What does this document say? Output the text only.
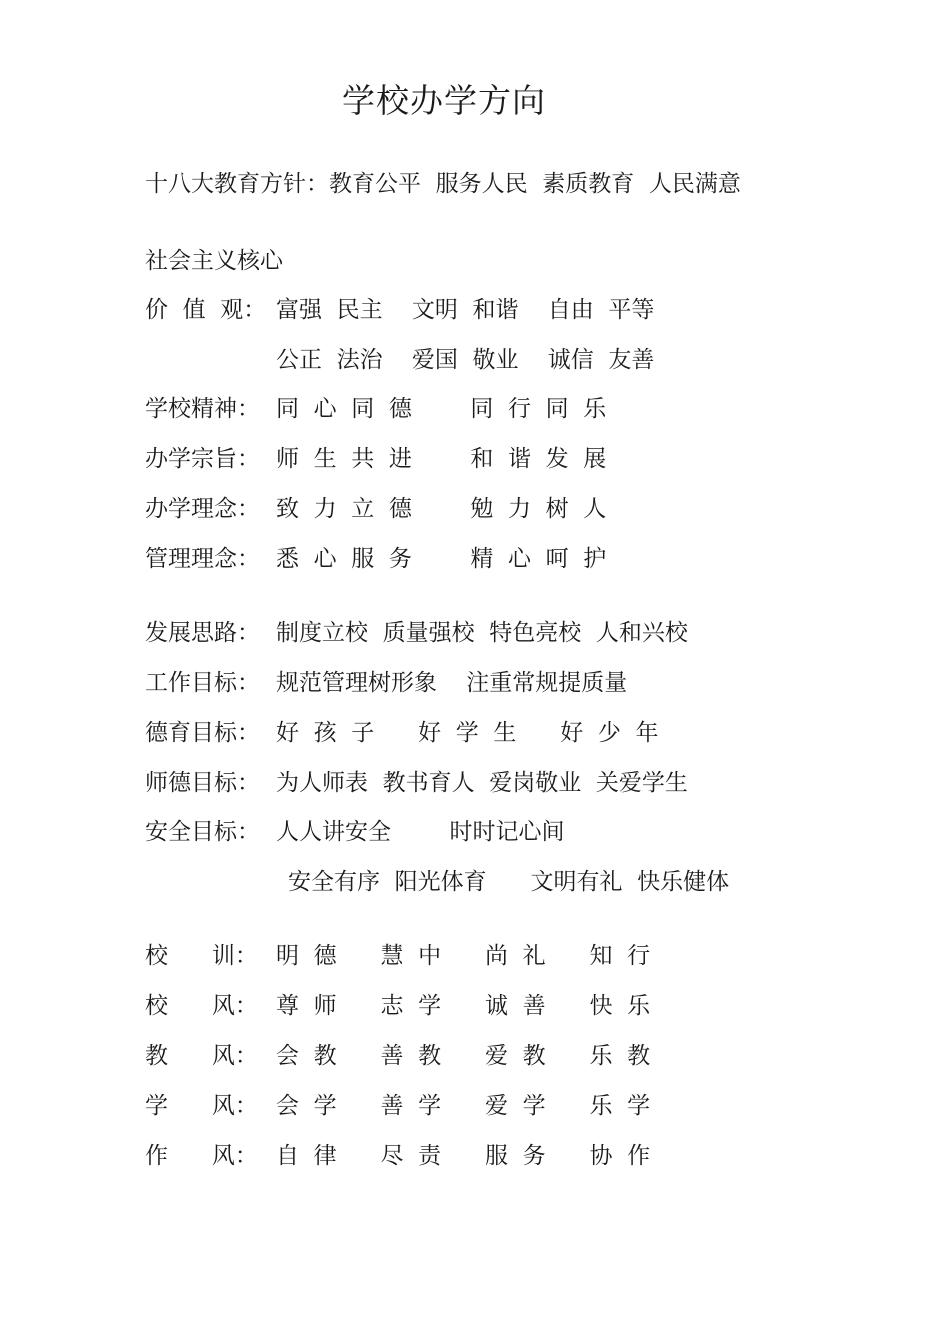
学校办学方向
十八大教育方针：教育公平  服务人民  素质教育  人民满意
社会主义核心
价  值  观： 富强  民主    文明  和谐    自由  平等
公正  法治    爱国  敬业    诚信  友善
学校精神： 同  心  同  德        同  行  同  乐
办学宗旨： 师  生  共  进        和  谐  发  展
办学理念： 致  力  立  德        勉  力  树  人
管理理念： 悉  心  服  务        精  心  呵  护
发展思路： 制度立校  质量强校  特色亮校  人和兴校
工作目标： 规范管理树形象    注重常规提质量
德育目标： 好  孩  子      好  学  生      好  少  年
师德目标： 为人师表  教书育人  爱岗敬业  关爱学生
安全目标： 人人讲安全        时时记心间
安全有序  阳光体育      文明有礼  快乐健体
校      训： 明  德      慧  中      尚  礼      知  行
校      风： 尊  师      志  学      诚  善      快  乐
教      风： 会  教      善  教      爱  教      乐  教
学      风： 会  学      善  学      爱  学      乐  学
作      风： 自  律      尽  责      服  务      协  作
